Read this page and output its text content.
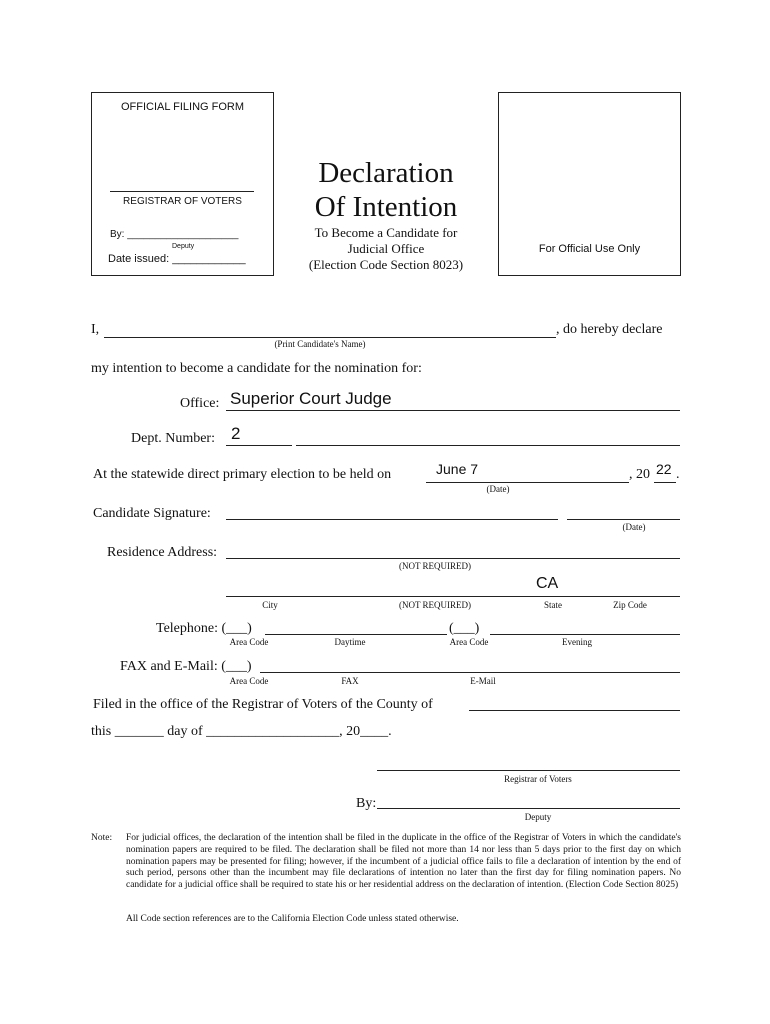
OFFICIAL FILING FORM
REGISTRAR OF VOTERS
By: ____________________
Deputy
Date issued: ____________
Declaration
Of Intention
To Become a Candidate for
Judicial Office
(Election Code Section 8023)
For Official Use Only
I,	, do hereby declare
(Print Candidate's Name)
my intention to become a candidate for the nomination for:
Office: Superior Court Judge
Dept. Number: 2
At the statewide direct primary election to be held on	June 7	, 20 22 .
(Date)
Candidate Signature:
(Date)
Residence Address:
(NOT REQUIRED)
CA
City	(NOT REQUIRED)	State	Zip Code
Telephone: (___)	(___)
Area Code	Daytime	Area Code	Evening
FAX and E-Mail: (___)
Area Code	FAX	E-Mail
Filed in the office of the Registrar of Voters of the County of
this _______ day of ___________________, 20____.
Registrar of Voters
By:
Deputy
Note: For judicial offices, the declaration of the intention shall be filed in the duplicate in the office of the Registrar of Voters in which the candidate's nomination papers are required to be filed. The declaration shall be filed not more than 14 nor less than 5 days prior to the first day on which nomination papers may be presented for filing; however, if the incumbent of a judicial office fails to file a declaration of intention by the end of such period, persons other than the incumbent may file declarations of intention no later than the first day for filing nomination papers. No candidate for a judicial office shall be required to state his or her residential address on the declaration of intention. (Election Code Section 8025)
All Code section references are to the California Election Code unless stated otherwise.
